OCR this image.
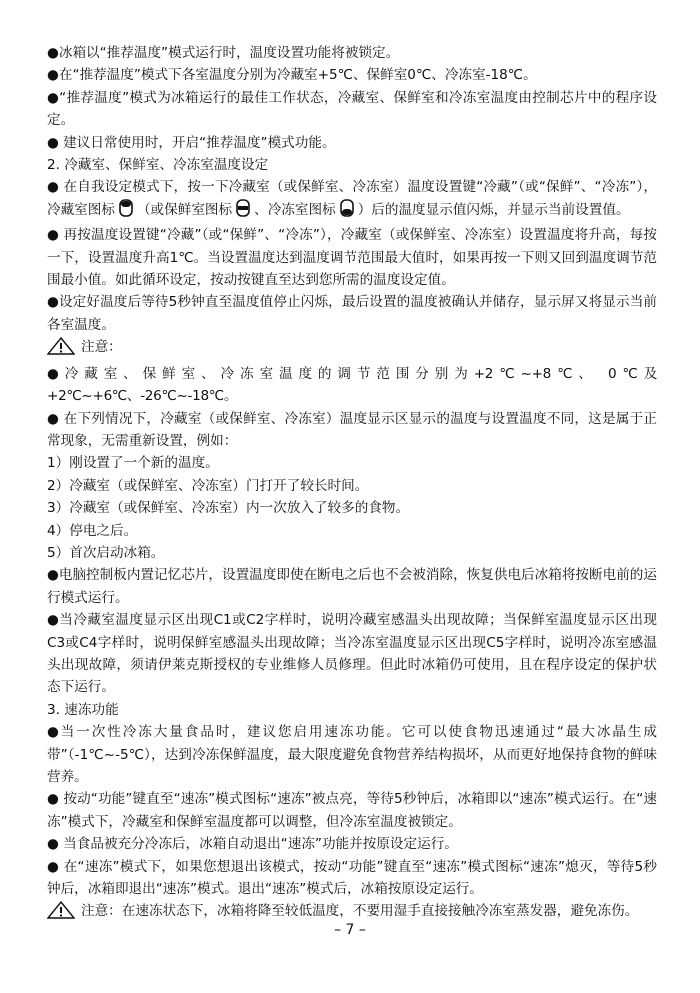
●冰箱以“推荐温度”模式运行时，温度设置功能将被锁定。

●在“推荐温度”模式下各室温度分别为冷藏室+5℃、保鲜室0℃、冷冻室-18℃。

●“推荐温度”模式为冰箱运行的最佳工作状态，冷藏室、保鲜室和冷冻室温度由控制芯片中的程序设定。

● 建议日常使用时，开启“推荐温度”模式功能。

2. 冷藏室、保鲜室、冷冻室温度设定

● 在自我设定模式下，按一下冷藏室（或保鲜室、冷冻室）温度设置键“冷藏”（或“保鲜”、“冷冻”），冷藏室图标 （或保鲜室图标 、冷冻室图标 ）后的温度显示值闪烁，并显示当前设置值。

● 再按温度设置键“冷藏”（或“保鲜”、“冷冻”），冷藏室（或保鲜室、冷冻室）设置温度将升高，每按一下，设置温度升高1℃。当设置温度达到温度调节范围最大值时，如果再按一下则又回到温度调节范围最小值。如此循环设定，按动按键直至达到您所需的温度设定值。

●设定好温度后等待5秒钟直至温度值停止闪烁，最后设置的温度被确认并储存，显示屏又将显示当前各室温度。

注意：

●冷藏室、保鲜室、冷冻室温度的调节范围分别为+2℃~+8℃、 0℃及+2℃~+6℃、-26℃~-18℃。

● 在下列情况下，冷藏室（或保鲜室、冷冻室）温度显示区显示的温度与设置温度不同，这是属于正常现象，无需重新设置，例如：

1）刚设置了一个新的温度。

2）冷藏室（或保鲜室、冷冻室）门打开了较长时间。

3）冷藏室（或保鲜室、冷冻室）内一次放入了较多的食物。

4）停电之后。

5）首次启动冰箱。

●电脑控制板内置记忆芯片，设置温度即使在断电之后也不会被消除，恢复供电后冰箱将按断电前的运行模式运行。

●当冷藏室温度显示区出现C1或C2字样时，说明冷藏室感温头出现故障；当保鲜室温度显示区出现C3或C4字样时，说明保鲜室感温头出现故障；当冷冻室温度显示区出现C5字样时，说明冷冻室感温头出现故障，须请伊莱克斯授权的专业维修人员修理。但此时冰箱仍可使用，且在程序设定的保护状态下运行。

3. 速冻功能

●当一次性冷冻大量食品时，建议您启用速冻功能。它可以使食物迅速通过“最大冰晶生成带”（-1℃~-5℃），达到冷冻保鲜温度，最大限度避免食物营养结构损坏，从而更好地保持食物的鲜味营养。

● 按动“功能”键直至“速冻”模式图标“速冻”被点亮，等待5秒钟后，冰箱即以“速冻”模式运行。在“速冻”模式下，冷藏室和保鲜室温度都可以调整，但冷冻室温度被锁定。

● 当食品被充分冷冻后，冰箱自动退出“速冻”功能并按原设定运行。

● 在“速冻”模式下，如果您想退出该模式，按动“功能”键直至“速冻”模式图标“速冻”熄灭，等待5秒钟后，冰箱即退出“速冻”模式。退出“速冻”模式后，冰箱按原设定运行。

注意：在速冻状态下，冰箱将降至较低温度，不要用湿手直接接触冷冻室蒸发器，避免冻伤。

– 7 –
